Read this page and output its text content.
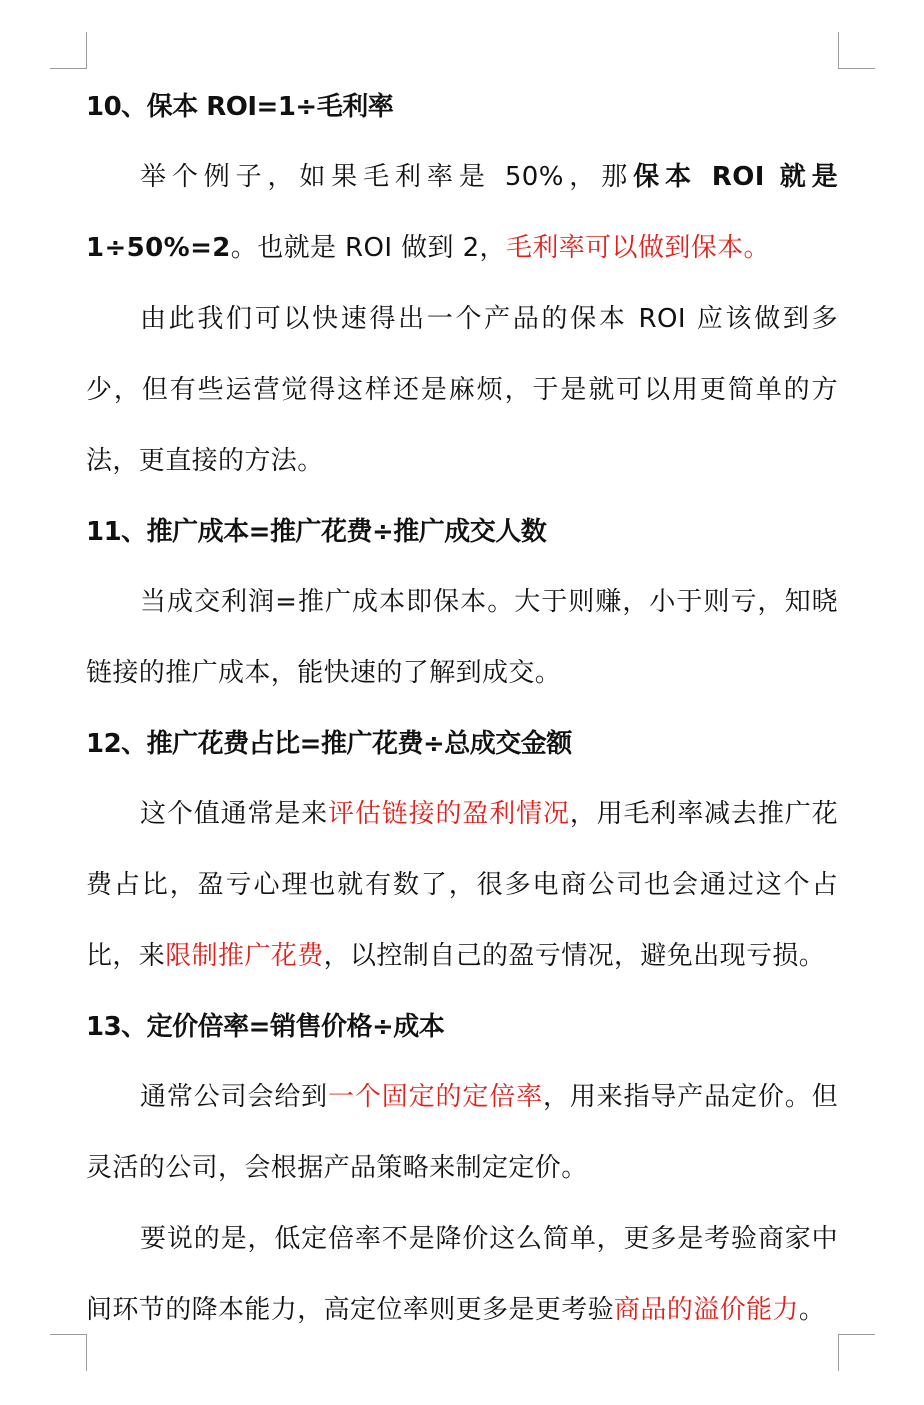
10、保本 ROI=1÷毛利率

举个例子，如果毛利率是 50%，那保本 ROI 就是 1÷50%=2。也就是 ROI 做到 2，毛利率可以做到保本。

由此我们可以快速得出一个产品的保本 ROI 应该做到多少，但有些运营觉得这样还是麻烦，于是就可以用更简单的方法，更直接的方法。

11、推广成本=推广花费÷推广成交人数

当成交利润=推广成本即保本。大于则赚，小于则亏，知晓链接的推广成本，能快速的了解到成交。

12、推广花费占比=推广花费÷总成交金额

这个值通常是来评估链接的盈利情况，用毛利率减去推广花费占比，盈亏心理也就有数了，很多电商公司也会通过这个占比，来限制推广花费，以控制自己的盈亏情况，避免出现亏损。

13、定价倍率=销售价格÷成本

通常公司会给到一个固定的定倍率，用来指导产品定价。但灵活的公司，会根据产品策略来制定定价。

要说的是，低定倍率不是降价这么简单，更多是考验商家中间环节的降本能力，高定位率则更多是更考验商品的溢价能力。
